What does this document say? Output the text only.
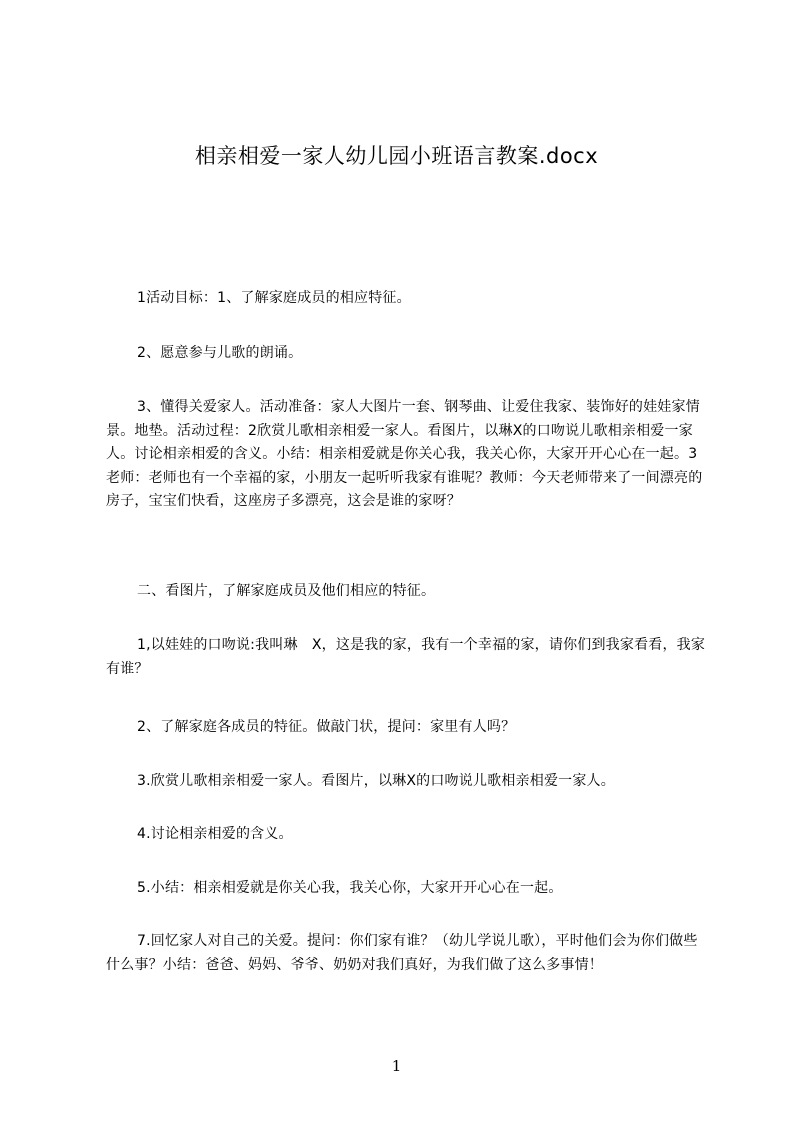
相亲相爱一家人幼儿园小班语言教案.docx

1活动目标：1、了解家庭成员的相应特征。

2、愿意参与儿歌的朗诵。

3、懂得关爱家人。活动准备：家人大图片一套、钢琴曲、让爱住我家、装饰好的娃娃家情景。地垫。活动过程：2欣赏儿歌相亲相爱一家人。看图片，以琳X的口吻说儿歌相亲相爱一家人。讨论相亲相爱的含义。小结：相亲相爱就是你关心我，我关心你，大家开开心心在一起。3老师：老师也有一个幸福的家，小朋友一起听听我家有谁呢？教师：今天老师带来了一间漂亮的房子，宝宝们快看，这座房子多漂亮，这会是谁的家呀？

二、看图片，了解家庭成员及他们相应的特征。

1,以娃娃的口吻说:我叫琳　X，这是我的家，我有一个幸福的家，请你们到我家看看，我家有谁？

2、了解家庭各成员的特征。做敲门状，提问：家里有人吗？

3.欣赏儿歌相亲相爱一家人。看图片，以琳X的口吻说儿歌相亲相爱一家人。

4.讨论相亲相爱的含义。

5.小结：相亲相爱就是你关心我，我关心你，大家开开心心在一起。

7.回忆家人对自己的关爱。提问：你们家有谁？（幼儿学说儿歌），平时他们会为你们做些什么事？小结：爸爸、妈妈、爷爷、奶奶对我们真好，为我们做了这么多事情！

1
